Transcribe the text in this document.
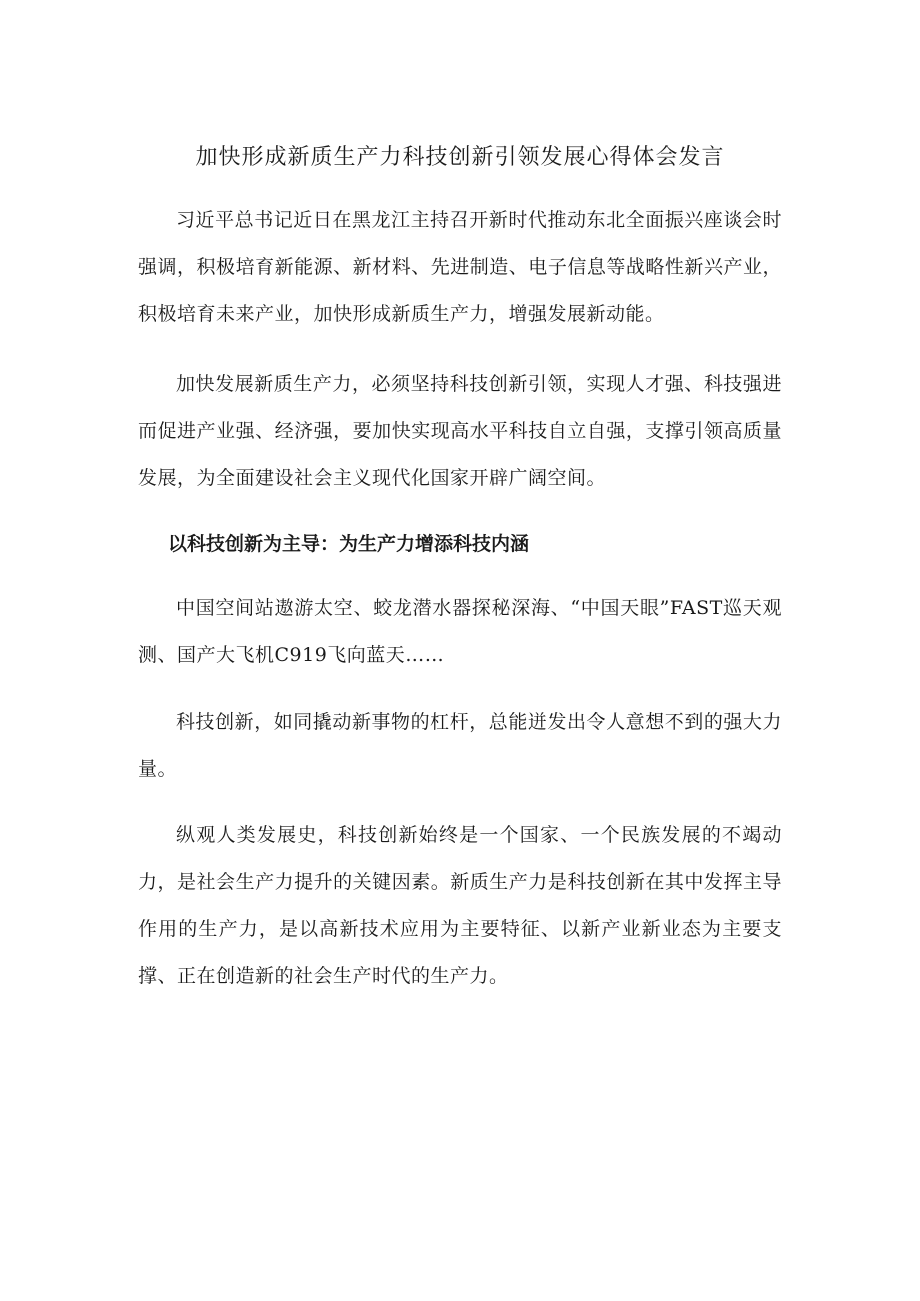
加快形成新质生产力科技创新引领发展心得体会发言

习近平总书记近日在黑龙江主持召开新时代推动东北全面振兴座谈会时强调，积极培育新能源、新材料、先进制造、电子信息等战略性新兴产业，积极培育未来产业，加快形成新质生产力，增强发展新动能。

加快发展新质生产力，必须坚持科技创新引领，实现人才强、科技强进而促进产业强、经济强，要加快实现高水平科技自立自强，支撑引领高质量发展，为全面建设社会主义现代化国家开辟广阔空间。

以科技创新为主导：为生产力增添科技内涵

中国空间站遨游太空、蛟龙潜水器探秘深海、“中国天眼”FAST巡天观测、国产大飞机C919飞向蓝天……

科技创新，如同撬动新事物的杠杆，总能迸发出令人意想不到的强大力量。

纵观人类发展史，科技创新始终是一个国家、一个民族发展的不竭动力，是社会生产力提升的关键因素。新质生产力是科技创新在其中发挥主导作用的生产力，是以高新技术应用为主要特征、以新产业新业态为主要支撑、正在创造新的社会生产时代的生产力。
